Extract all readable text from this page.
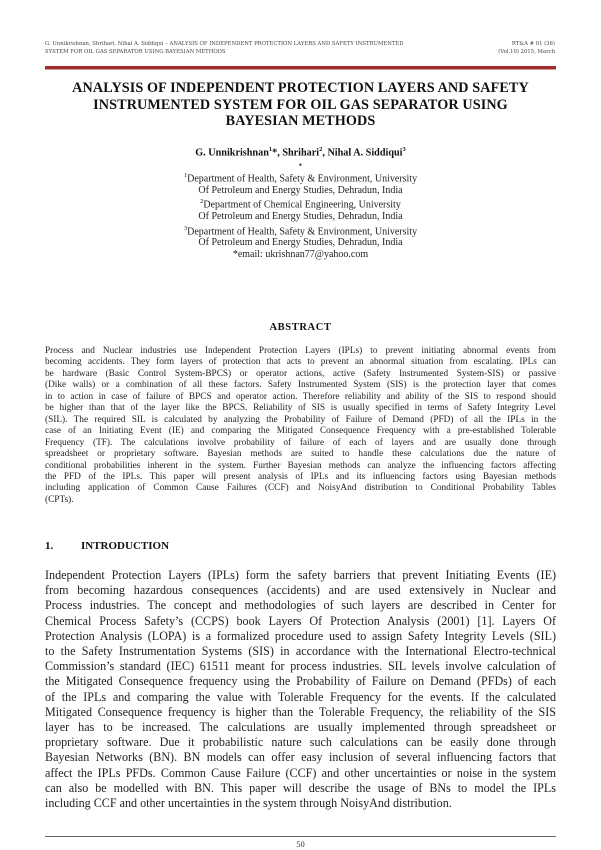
G. Unnikrishnan, Shrihari, Nihal A. Siddiqui – ANALYSIS OF INDEPENDENT PROTECTION LAYERS AND SAFETY INSTRUMENTED
SYSTEM FOR OIL GAS SEPARATOR USING BAYESIAN METHODS
RT&A # 01 (36)
(Vol.10) 2015, March
ANALYSIS OF INDEPENDENT PROTECTION LAYERS AND SAFETY
INSTRUMENTED SYSTEM FOR OIL GAS SEPARATOR USING
BAYESIAN METHODS
G. Unnikrishnan$^1$*, Shrihari$^2$, Nihal A. Siddiqui$^3$
•
$^1$Department of Health, Safety & Environment, University
Of Petroleum and Energy Studies, Dehradun, India
$^2$Department of Chemical Engineering, University
Of Petroleum and Energy Studies, Dehradun, India
$^3$Department of Health, Safety & Environment, University
Of Petroleum and Energy Studies, Dehradun, India
*email: ukrishnan77@yahoo.com
ABSTRACT
Process and Nuclear industries use Independent Protection Layers (IPLs) to prevent initiating abnormal events from
becoming accidents. They form layers of protection that acts to prevent an abnormal situation from escalating. IPLs can
be hardware (Basic Control System-BPCS) or operator actions, active (Safety Instrumented System-SIS) or passive
(Dike walls) or a combination of all these factors. Safety Instrumented System (SIS) is the protection layer that comes
in to action in case of failure of BPCS and operator action. Therefore reliability and ability of the SIS to respond should
be higher than that of the layer like the BPCS. Reliability of SIS is usually specified in terms of Safety Integrity Level
(SIL). The required SIL is calculated by analyzing the Probability of Failure of Demand (PFD) of all the IPLs in the
case of an Initiating Event (IE) and comparing the Mitigated Consequence Frequency with a pre-established Tolerable
Frequency (TF). The calculations involve probability of failure of each of layers and are usually done through
spreadsheet or proprietary software. Bayesian methods are suited to handle these calculations due the nature of
conditional probabilities inherent in the system. Further Bayesian methods can analyze the influencing factors affecting
the PFD of the IPLs. This paper will present analysis of IPLs and its influencing factors using Bayesian methods
including application of Common Cause Failures (CCF) and NoisyAnd distribution to Conditional Probability Tables
(CPTs).
1.	INTRODUCTION
Independent Protection Layers (IPLs) form the safety barriers that prevent Initiating Events (IE)
from becoming hazardous consequences (accidents) and are used extensively in Nuclear and
Process industries. The concept and methodologies of such layers are described in Center for
Chemical Process Safety’s (CCPS) book Layers Of Protection Analysis (2001) [1]. Layers Of
Protection Analysis (LOPA) is a formalized procedure used to assign Safety Integrity Levels (SIL)
to the Safety Instrumentation Systems (SIS) in accordance with the International Electro-technical
Commission’s standard (IEC) 61511 meant for process industries. SIL levels involve calculation of
the Mitigated Consequence frequency using the Probability of Failure on Demand (PFDs) of each
of the IPLs and comparing the value with Tolerable Frequency for the events. If the calculated
Mitigated Consequence frequency is higher than the Tolerable Frequency, the reliability of the SIS
layer has to be increased. The calculations are usually implemented through spreadsheet or
proprietary software. Due it probabilistic nature such calculations can be easily done through
Bayesian Networks (BN). BN models can offer easy inclusion of several influencing factors that
affect the IPLs PFDs. Common Cause Failure (CCF) and other uncertainties or noise in the system
can also be modelled with BN. This paper will describe the usage of BNs to model the IPLs
including CCF and other uncertainties in the system through NoisyAnd distribution.
50
